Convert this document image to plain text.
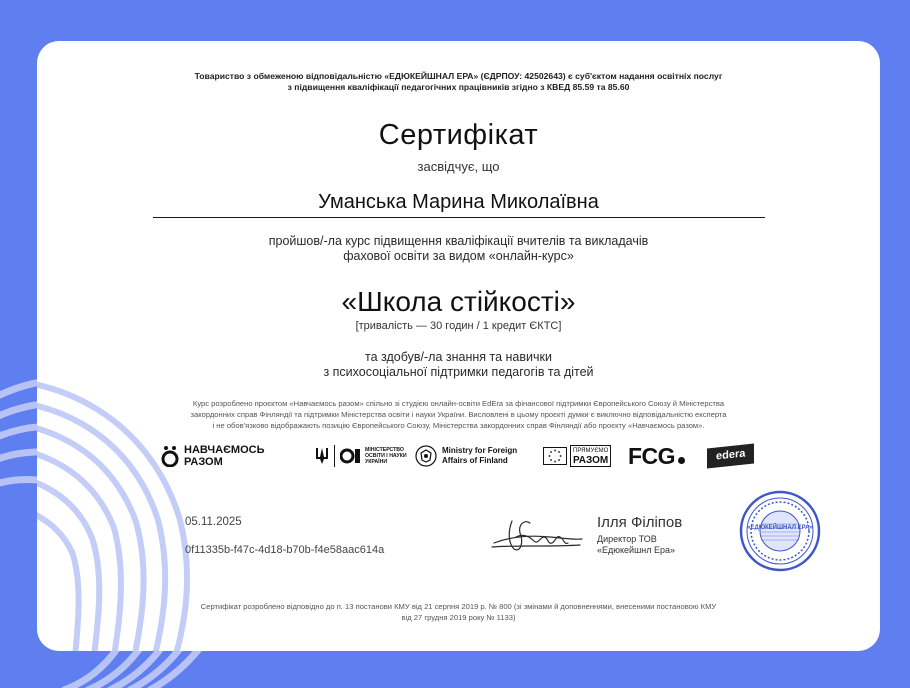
Товариство з обмеженою відповідальністю «ЕДЮКЕЙШНАЛ ЕРА» (ЄДРПОУ: 42502643) є суб'єктом надання освітніх послуг
з підвищення кваліфікації педагогічних працівників згідно з КВЕД 85.59 та 85.60
Сертифікат
засвідчує, що
Уманська Марина Миколаївна
пройшов/-ла курс підвищення кваліфікації вчителів та викладачів
фахової освіти за видом «онлайн-курс»
«Школа стійкості»
[тривалість — 30 годин / 1 кредит ЄКТС]
та здобув/-ла знання та навички
з психосоціальної підтримки педагогів та дітей
Курс розроблено проєктом «Навчаємось разом» спільно зі студією онлайн-освіти EdEra за фінансової підтримки Європейського Союзу й Міністерства
закордонних справ Фінляндії та підтримки Міністерства освіти і науки України. Висловлені в цьому проєкті думки є виключно відповідальністю експерта
і не обов'язково відображають позицію Європейського Союзу, Міністерства закордонних справ Фінляндії або проєкту «Навчаємось разом».
НАВЧАЄМОСЬ
РАЗОМ
МІНІСТЕРСТВО
ОСВІТИ І НАУКИ
УКРАЇНИ
Ministry for Foreign
Affairs of Finland
ПРЯМУЄМО
РАЗОМ FCG	edera
05.11.2025
0f11335b-f47c-4d18-b70b-f4e58aac614a
Ілля Філіпов
Директор ТОВ
«Едюкейшнл Ера»
«ЕДЮКЕЙШНАЛ ЕРА»
Сертифікат розроблено відповідно до п. 13 постанови КМУ від 21 серпня 2019 р. № 800 (зі змінами й доповненнями, внесеними постановою КМУ
від 27 грудня 2019 року № 1133)
